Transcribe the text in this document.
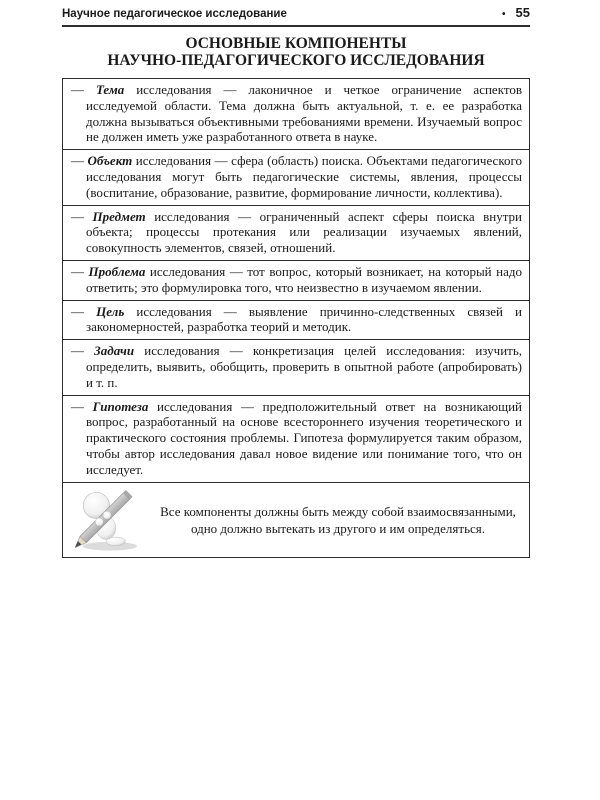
Научное педагогическое исследование	• 55
ОСНОВНЫЕ КОМПОНЕНТЫ
НАУЧНО-ПЕДАГОГИЧЕСКОГО ИССЛЕДОВАНИЯ

— Тема исследования — лаконичное и четкое ограничение аспектов исследуемой области. Тема должна быть актуальной, т. е. ее разработка должна вызываться объективными требованиями времени. Изучаемый вопрос не должен иметь уже разработанного ответа в науке.

— Объект исследования — сфера (область) поиска. Объектами педагогического исследования могут быть педагогические системы, явления, процессы (воспитание, образование, развитие, формирование личности, коллектива).

— Предмет исследования — ограниченный аспект сферы поиска внутри объекта; процессы протекания или реализации изучаемых явлений, совокупность элементов, связей, отношений.

— Проблема исследования — тот вопрос, который возникает, на который надо ответить; это формулировка того, что неизвестно в изучаемом явлении.

— Цель исследования — выявление причинно-следственных связей и закономерностей, разработка теорий и методик.

— Задачи исследования — конкретизация целей исследования: изучить, определить, выявить, обобщить, проверить в опытной работе (апробировать) и т. п.

— Гипотеза исследования — предположительный ответ на возникающий вопрос, разработанный на основе всестороннего изучения теоретического и практического состояния проблемы. Гипотеза формулируется таким образом, чтобы автор исследования давал новое видение или понимание того, что он исследует.

Все компоненты должны быть между собой взаимосвязанными, одно должно вытекать из другого и им определяться.
